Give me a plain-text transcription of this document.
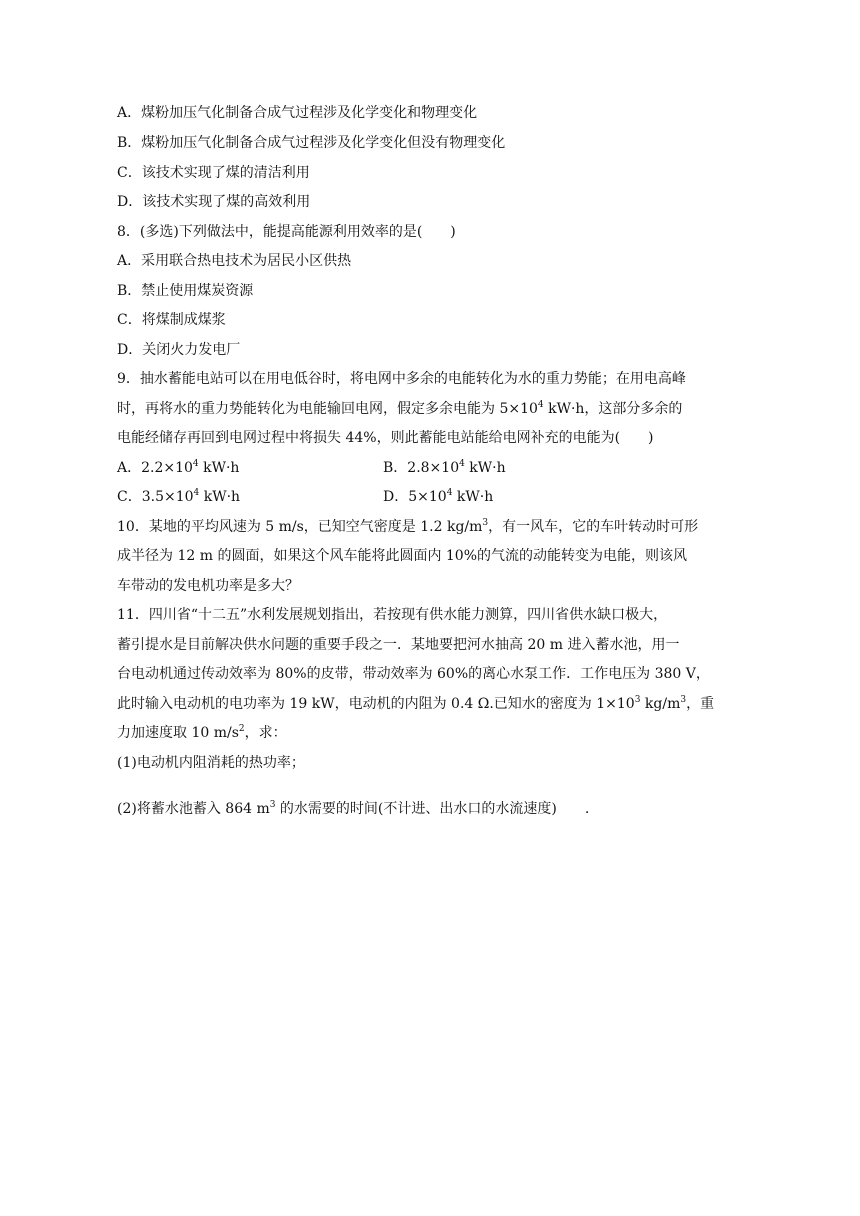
A．煤粉加压气化制备合成气过程涉及化学变化和物理变化
B．煤粉加压气化制备合成气过程涉及化学变化但没有物理变化
C．该技术实现了煤的清洁利用
D．该技术实现了煤的高效利用
8．(多选)下列做法中，能提高能源利用效率的是(　　)
A．采用联合热电技术为居民小区供热
B．禁止使用煤炭资源
C．将煤制成煤浆
D．关闭火力发电厂
9．抽水蓄能电站可以在用电低谷时，将电网中多余的电能转化为水的重力势能；在用电高峰
时，再将水的重力势能转化为电能输回电网，假定多余电能为 $5\times 10^4$ kW·h，这部分多余的
电能经储存再回到电网过程中将损失 44%，则此蓄能电站能给电网补充的电能为(　　)
A．$2.2\times 10^4$ kW·h	B．$2.8\times 10^4$ kW·h
C．$3.5\times 10^4$ kW·h	D．$5\times 10^4$ kW·h
10．某地的平均风速为 5 m/s，已知空气密度是 1.2 $kg/m^3$，有一风车，它的车叶转动时可形
成半径为 12 m 的圆面，如果这个风车能将此圆面内 10%的气流的动能转变为电能，则该风
车带动的发电机功率是多大？
11．四川省“十二五”水利发展规划指出，若按现有供水能力测算，四川省供水缺口极大，
蓄引提水是目前解决供水问题的重要手段之一．某地要把河水抽高 20 m 进入蓄水池，用一
台电动机通过传动效率为 80%的皮带，带动效率为 60%的离心水泵工作．工作电压为 380 V，
此时输入电动机的电功率为 19 kW，电动机的内阻为 0.4 Ω.已知水的密度为 $1\times 10^3$ $kg/m^3$，重
力加速度取 10 $m/s^2$，求：
(1)电动机内阻消耗的热功率；
(2)将蓄水池蓄入 864 $m^3$ 的水需要的时间(不计进、出水口的水流速度)　　.
